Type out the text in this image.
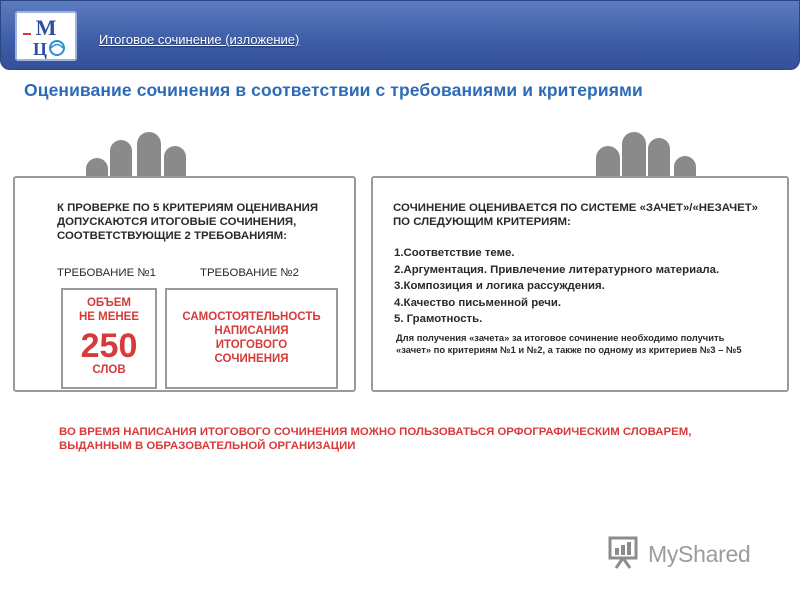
M
Ц	Итоговое сочинение (изложение)
Оценивание сочинения в соответствии с требованиями и критериями
К ПРОВЕРКЕ ПО 5 КРИТЕРИЯМ ОЦЕНИВАНИЯ ДОПУСКАЮТСЯ ИТОГОВЫЕ СОЧИНЕНИЯ, СООТВЕТСТВУЮЩИЕ 2 ТРЕБОВАНИЯМ:
ТРЕБОВАНИЕ №1	ТРЕБОВАНИЕ №2
ОБЪЕМ
НЕ МЕНЕЕ
250
СЛОВ
САМОСТОЯТЕЛЬНОСТЬ
НАПИСАНИЯ
ИТОГОВОГО
СОЧИНЕНИЯ
СОЧИНЕНИЕ ОЦЕНИВАЕТСЯ ПО СИСТЕМЕ «ЗАЧЕТ»/«НЕЗАЧЕТ» ПО СЛЕДУЮЩИМ КРИТЕРИЯМ:
1.Соответствие теме.
2.Аргументация. Привлечение литературного материала.
3.Композиция и логика рассуждения.
4.Качество письменной речи.
5. Грамотность.
Для получения «зачета» за итоговое сочинение необходимо получить «зачет» по критериям №1 и №2, а также по одному из критериев №3 – №5
ВО ВРЕМЯ НАПИСАНИЯ ИТОГОВОГО СОЧИНЕНИЯ МОЖНО ПОЛЬЗОВАТЬСЯ ОРФОГРАФИЧЕСКИМ СЛОВАРЕМ, ВЫДАННЫМ В ОБРАЗОВАТЕЛЬНОЙ ОРГАНИЗАЦИИ
MyShared
